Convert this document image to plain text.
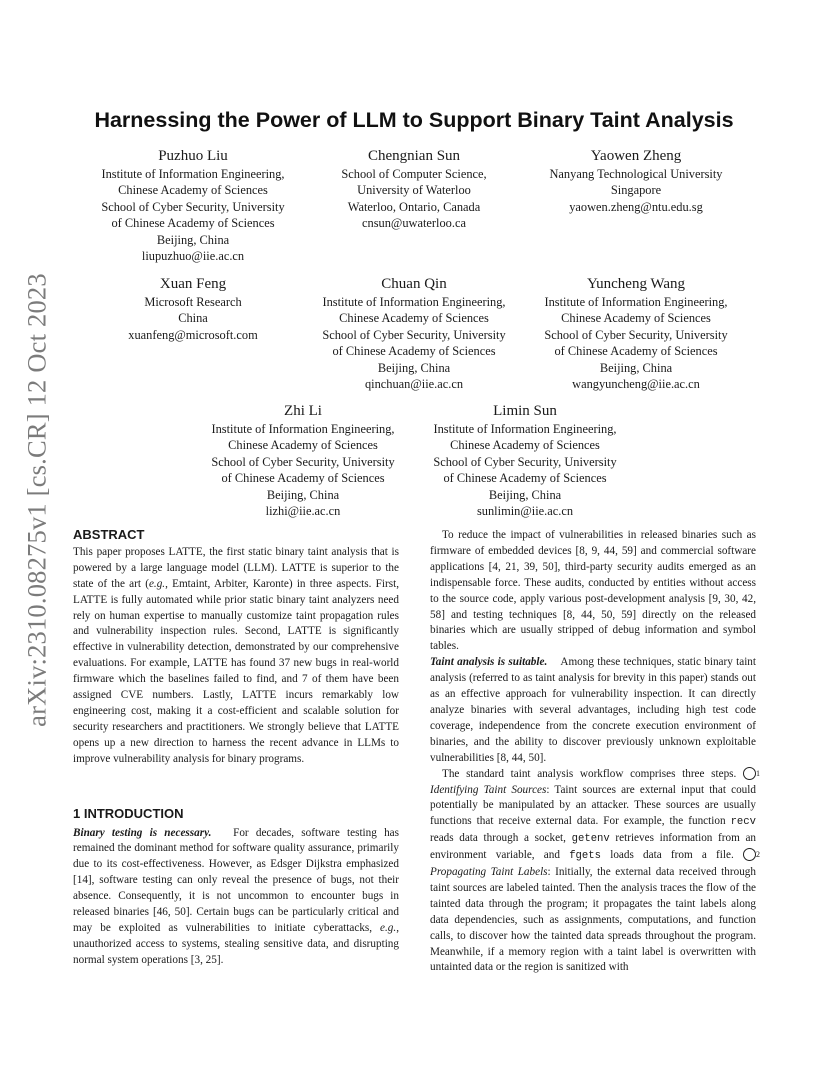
arXiv:2310.08275v1 [cs.CR] 12 Oct 2023
Harnessing the Power of LLM to Support Binary Taint Analysis
Puzhuo Liu
Institute of Information Engineering,
Chinese Academy of Sciences
School of Cyber Security, University
of Chinese Academy of Sciences
Beijing, China
liupuzhuo@iie.ac.cn
Chengnian Sun
School of Computer Science,
University of Waterloo
Waterloo, Ontario, Canada
cnsun@uwaterloo.ca
Yaowen Zheng
Nanyang Technological University
Singapore
yaowen.zheng@ntu.edu.sg
Xuan Feng
Microsoft Research
China
xuanfeng@microsoft.com
Chuan Qin
Institute of Information Engineering,
Chinese Academy of Sciences
School of Cyber Security, University
of Chinese Academy of Sciences
Beijing, China
qinchuan@iie.ac.cn
Yuncheng Wang
Institute of Information Engineering,
Chinese Academy of Sciences
School of Cyber Security, University
of Chinese Academy of Sciences
Beijing, China
wangyuncheng@iie.ac.cn
Zhi Li
Institute of Information Engineering,
Chinese Academy of Sciences
School of Cyber Security, University
of Chinese Academy of Sciences
Beijing, China
lizhi@iie.ac.cn
Limin Sun
Institute of Information Engineering,
Chinese Academy of Sciences
School of Cyber Security, University
of Chinese Academy of Sciences
Beijing, China
sunlimin@iie.ac.cn
ABSTRACT

This paper proposes LATTE, the first static binary taint analysis that is powered by a large language model (LLM). LATTE is superior to the state of the art (e.g., Emtaint, Arbiter, Karonte) in three aspects. First, LATTE is fully automated while prior static binary taint analyzers need rely on human expertise to manually customize taint propagation rules and vulnerability inspection rules. Second, LATTE is significantly effective in vulnerability detection, demonstrated by our comprehensive evaluations. For example, LATTE has found 37 new bugs in real-world firmware which the baselines failed to find, and 7 of them have been assigned CVE numbers. Lastly, LATTE incurs remarkably low engineering cost, making it a cost-efficient and scalable solution for security researchers and practitioners. We strongly believe that LATTE opens up a new direction to harness the recent advance in LLMs to improve vulnerability analysis for binary programs.

1 INTRODUCTION

Binary testing is necessary. For decades, software testing has remained the dominant method for software quality assurance, primarily due to its cost-effectiveness. However, as Edsger Dijkstra emphasized [14], software testing can only reveal the presence of bugs, not their absence. Consequently, it is not uncommon to encounter bugs in released binaries [46, 50]. Certain bugs can be particularly critical and may be exploited as vulnerabilities to initiate cyberattacks, e.g., unauthorized access to systems, stealing sensitive data, and disrupting normal system operations [3, 25].

To reduce the impact of vulnerabilities in released binaries such as firmware of embedded devices [8, 9, 44, 59] and commercial software applications [4, 21, 39, 50], third-party security audits emerged as an indispensable force. These audits, conducted by entities without access to the source code, apply various post-development analysis [9, 30, 42, 58] and testing techniques [8, 44, 50, 59] directly on the released binaries which are usually stripped of debug information and symbol tables.

Taint analysis is suitable. Among these techniques, static binary taint analysis (referred to as taint analysis for brevity in this paper) stands out as an effective approach for vulnerability inspection. It can directly analyze binaries with several advantages, including high test code coverage, independence from the concrete execution environment of binaries, and the ability to discover previously unknown exploitable vulnerabilities [8, 44, 50].

The standard taint analysis workflow comprises three steps. 1 Identifying Taint Sources: Taint sources are external input that could potentially be manipulated by an attacker. These sources are usually functions that receive external data. For example, the function recv reads data through a socket, getenv retrieves information from an environment variable, and fgets loads data from a file. 2 Propagating Taint Labels: Initially, the external data received through taint sources are labeled tainted. Then the analysis traces the flow of the tainted data through the program; it propagates the taint labels along data dependencies, such as assignments, computations, and function calls, to discover how the tainted data spreads throughout the program. Meanwhile, if a memory region with a taint label is overwritten with untainted data or the region is sanitized with
